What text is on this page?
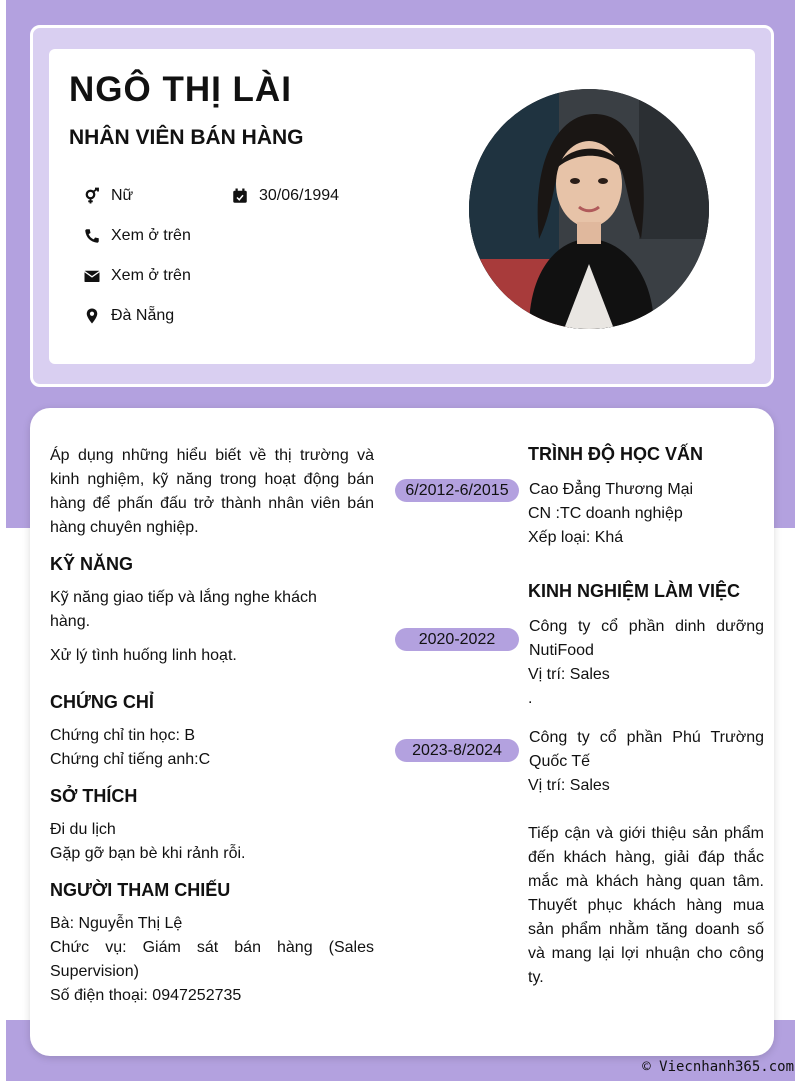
NGÔ THỊ LÀI
NHÂN VIÊN BÁN HÀNG
Nữ	30/06/1994
Xem ở trên
Xem ở trên
Đà Nẵng
Áp dụng những hiểu biết về thị trường và kinh nghiệm, kỹ năng trong hoạt động bán hàng để phấn đấu trở thành nhân viên bán hàng chuyên nghiệp.
KỸ NĂNG
Kỹ năng giao tiếp và lắng nghe khách hàng.
Xử lý tình huống linh hoạt.
CHỨNG CHỈ
Chứng chỉ tin học: B
Chứng chỉ tiếng anh:C
SỞ THÍCH
Đi du lịch
Gặp gỡ bạn bè khi rảnh rỗi.
NGƯỜI THAM CHIẾU
Bà: Nguyễn Thị Lệ
Chức vụ: Giám sát bán hàng (Sales Supervision)
Số điện thoại: 0947252735
TRÌNH ĐỘ HỌC VẤN
6/2012-6/2015	Cao Đẳng Thương Mại
CN :TC doanh nghiệp
Xếp loại: Khá
KINH NGHIỆM LÀM VIỆC
2020-2022
Công ty cổ phần dinh dưỡng NutiFood
Vị trí: Sales
.
2023-8/2024
Công ty cổ phần Phú Trường Quốc Tế
Vị trí: Sales
Tiếp cận và giới thiệu sản phẩm đến khách hàng, giải đáp thắc mắc mà khách hàng quan tâm. Thuyết phục khách hàng mua sản phẩm nhằm tăng doanh số và mang lại lợi nhuận cho công ty.
© Viecnhanh365.com
